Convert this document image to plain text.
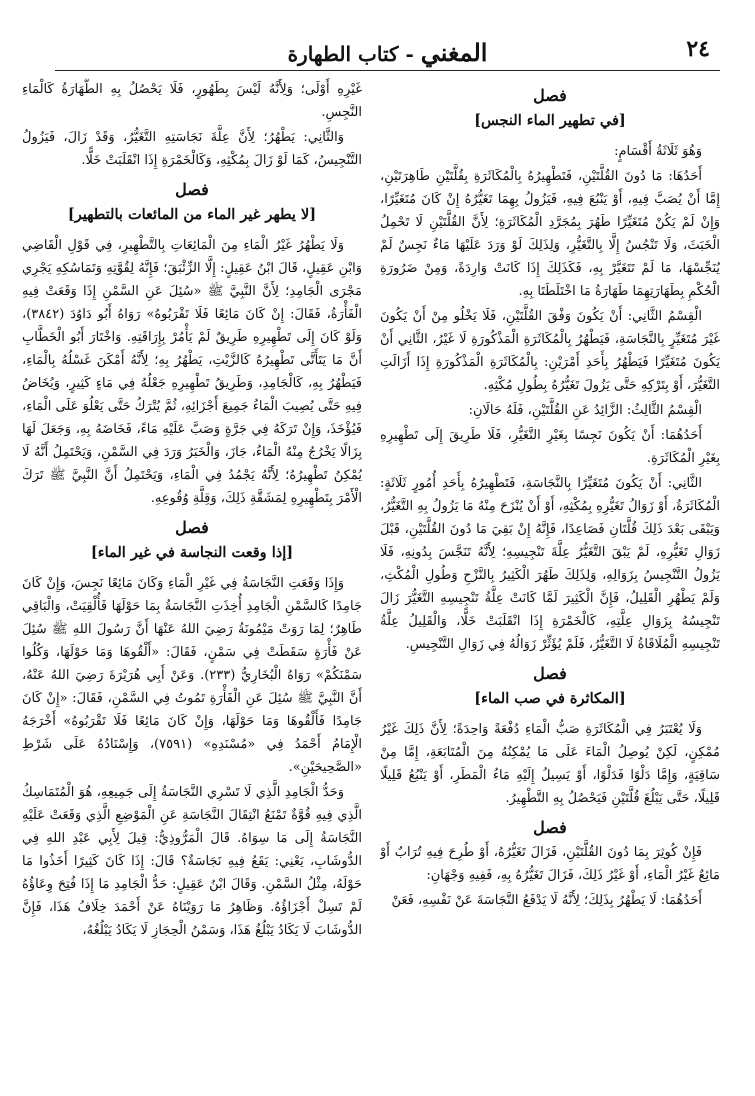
٢٤
المغني - كتاب الطهارة
فصل
[في تطهير الماء النجس]

وَهُوَ ثَلَاثَةُ أَقْسَامٍ:

أَحَدُهَا: مَا دُونَ القُلَّتَيْنِ، فَتَطْهِيرُهُ بِالْمُكَاثَرَةِ بِقُلَّتَيْنِ طَاهِرَتَيْنِ، إِمَّا أَنْ يُصَبَّ فِيهِ، أَوْ يَنْبُعَ فِيهِ، فَيَزُولُ بِهِمَا تَغَيُّرُهُ إِنْ كَانَ مُتَغَيِّرًا، وَإِنْ لَمْ يَكُنْ مُتَغَيِّرًا طَهُرَ بِمُجَرَّدِ الْمُكَاثَرَةِ؛ لِأَنَّ القُلَّتَيْنِ لَا تَحْمِلُ الْخَبَثَ، وَلَا تَنْجُسُ إِلَّا بِالتَّغَيُّرِ، وَلِذَلِكَ لَوْ وَرَدَ عَلَيْهَا مَاءٌ نَجِسٌ لَمْ يُنَجِّسْهَا، مَا لَمْ تَتَغَيَّرْ بِهِ، فَكَذَلِكَ إِذَا كَانَتْ وَارِدَةً، وَمِنْ ضَرُورَةِ الْحُكْمِ بِطَهَارَتِهِمَا طَهَارَةُ مَا اخْتَلَطَتَا بِهِ.

الْقِسْمُ الثَّانِي: أَنْ يَكُونَ وَفْقَ القُلَّتَيْنِ، فَلَا يَخْلُو مِنْ أَنْ يَكُونَ غَيْرَ مُتَغَيِّرٍ بِالنَّجَاسَةِ، فَيَطْهُرُ بِالْمُكَاثَرَةِ الْمَذْكُورَةِ لَا غَيْرُ، الثَّانِي أَنْ يَكُونَ مُتَغَيِّرًا فَيَطْهُرُ بِأَحَدِ أَمْرَيْنِ: بِالْمُكَاثَرَةِ الْمَذْكُورَةِ إِذَا أَزَالَتِ التَّغَيُّرَ، أَوْ بِتَرْكِهِ حَتَّى يَزُولَ تَغَيُّرُهُ بِطُولِ مُكْثِهِ.

الْقِسْمُ الثَّالِثُ: الزَّائِدُ عَنِ القُلَّتَيْنِ، فَلَهُ حَالَانِ:

أَحَدُهُمَا: أَنْ يَكُونَ نَجِسًا بِغَيْرِ التَّغَيُّرِ، فَلَا طَرِيقَ إِلَى تَطْهِيرِهِ بِغَيْرِ الْمُكَاثَرَةِ.

الثَّانِي: أَنْ يَكُونَ مُتَغَيِّرًا بِالنَّجَاسَةِ، فَتَطْهِيرُهُ بِأَحَدِ أُمُورٍ ثَلَاثَةٍ: الْمُكَاثَرَةُ، أَوْ زَوَالُ تَغَيُّرِهِ بِمُكْثِهِ، أَوْ أَنْ يُنْزَحَ مِنْهُ مَا يَزُولُ بِهِ التَّغَيُّرُ، وَيَبْقَى بَعْدَ ذَلِكَ قُلَّتَانِ فَصَاعِدًا، فَإِنَّهُ إِنْ بَقِيَ مَا دُونَ القُلَّتَيْنِ، قَبْلَ زَوَالِ تَغَيُّرِهِ، لَمْ يَبْقَ التَّغَيُّرُ عِلَّةَ تَنْجِيسِهِ؛ لِأَنَّهُ تَنَجَّسَ بِدُونِهِ، فَلَا يَزُولُ التَّنْجِيسُ بِزَوَالِهِ، وَلِذَلِكَ طَهُرَ الْكَثِيرُ بِالنَّزْحِ وَطُولِ الْمُكْثِ، وَلَمْ يَطْهُرِ الْقَلِيلُ، فَإِنَّ الْكَثِيرَ لَمَّا كَانَتْ عِلَّةُ تَنْجِيسِهِ التَّغَيُّرَ زَالَ تَنْجِيسُهُ بِزَوَالِ عِلَّتِهِ، كَالْخَمْرَةِ إِذَا انْقَلَبَتْ خَلًّا، وَالْقَلِيلُ عِلَّةُ تَنْجِيسِهِ الْمُلَاقَاةُ لَا التَّغَيُّرُ، فَلَمْ يُؤَثِّرْ زَوَالُهُ فِي زَوَالِ التَّنْجِيسِ.

فصل
[المكاثرة في صب الماء]

وَلَا يُعْتَبَرُ فِي الْمُكَاثَرَةِ صَبُّ الْمَاءِ دُفْعَةً وَاحِدَةً؛ لِأَنَّ ذَلِكَ غَيْرُ مُمْكِنٍ، لَكِنْ يُوصِلُ الْمَاءَ عَلَى مَا يُمْكِنُهُ مِنَ الْمُتَابَعَةِ، إِمَّا مِنْ سَاقِيَةٍ، وَإِمَّا دَلْوًا فَدَلْوًا، أَوْ يَسِيلُ إِلَيْهِ مَاءُ الْمَطَرِ، أَوْ يَنْبُعُ قَلِيلًا قَلِيلًا، حَتَّى يَبْلُغَ قُلَّتَيْنِ فَيَحْصُلُ بِهِ التَّطْهِيرُ.

فصل

فَإِنْ كُوثِرَ بِمَا دُونَ القُلَّتَيْنِ، فَزَالَ تَغَيُّرُهُ، أَوْ طُرِحَ فِيهِ تُرَابٌ أَوْ مَائِعٌ غَيْرُ الْمَاءِ، أَوْ غَيْرُ ذَلِكَ، فَزَالَ تَغَيُّرُهُ بِهِ، فَفِيهِ وَجْهَانِ:

أَحَدُهُمَا: لَا يَطْهُرُ بِذَلِكَ؛ لِأَنَّهُ لَا يَدْفَعُ النَّجَاسَةَ عَنْ نَفْسِهِ، فَعَنْ

غَيْرِهِ أَوْلَى؛ وَلِأَنَّهُ لَيْسَ بِطَهُورٍ، فَلَا يَحْصُلُ بِهِ الطَّهَارَةُ كَالْمَاءِ النَّجِسِ.

وَالثَّانِي: يَطْهُرُ؛ لِأَنَّ عِلَّةَ نَجَاسَتِهِ التَّغَيُّرُ، وَقَدْ زَالَ، فَيَزُولُ التَّنْجِيسُ، كَمَا لَوْ زَالَ بِمُكْثِهِ، وَكَالْخَمْرَةِ إِذَا انْقَلَبَتْ خَلًّا.

فصل
[لا يطهر غير الماء من المائعات بالتطهير]

وَلَا يَطْهُرُ غَيْرُ الْمَاءِ مِنَ الْمَائِعَاتِ بِالتَّطْهِيرِ، فِي قَوْلِ الْقَاضِي وَابْنِ عَقِيلٍ، قَالَ ابْنُ عَقِيلٍ: إِلَّا الزِّئْبَقَ؛ فَإِنَّهُ لِقُوَّتِهِ وَتَمَاسُكِهِ يَجْرِي مَجْرَى الْجَامِدِ؛ لِأَنَّ النَّبِيَّ ﷺ «سُئِلَ عَنِ السَّمْنِ إِذَا وَقَعَتْ فِيهِ الْفَأْرَةُ، فَقَالَ: إِنْ كَانَ مَائِعًا فَلَا تَقْرَبُوهُ» رَوَاهُ أَبُو دَاوُدَ (٣٨٤٢)، وَلَوْ كَانَ إِلَى تَطْهِيرِهِ طَرِيقٌ لَمْ يَأْمُرْ بِإِرَاقَتِهِ. وَاخْتَارَ أَبُو الْخَطَّابِ أَنَّ مَا يَتَأَتَّى تَطْهِيرُهُ كَالزَّيْتِ، يَطْهُرُ بِهِ؛ لِأَنَّهُ أَمْكَنَ غَسْلُهُ بِالْمَاءِ، فَيَطْهُرُ بِهِ، كَالْجَامِدِ، وَطَرِيقُ تَطْهِيرِهِ جَعْلُهُ فِي مَاءٍ كَثِيرٍ، وَيُخَاضُ فِيهِ حَتَّى يُصِيبَ الْمَاءُ جَمِيعَ أَجْزَائِهِ، ثُمَّ يُتْرَكُ حَتَّى يَعْلُوَ عَلَى الْمَاءِ، فَيُؤْخَذَ، وَإِنْ تَرَكَهُ فِي جَرَّةٍ وَصَبَّ عَلَيْهِ مَاءً، فَخَاضَهُ بِهِ، وَجَعَلَ لَهَا بِزَالًا يَخْرُجُ مِنْهُ الْمَاءُ، جَازَ، وَالْخَبَرُ وَرَدَ فِي السَّمْنِ، وَيَحْتَمِلُ أَنَّهُ لَا يُمْكِنُ تَطْهِيرُهُ؛ لِأَنَّهُ يَجْمُدُ فِي الْمَاءِ، وَيَحْتَمِلُ أَنَّ النَّبِيَّ ﷺ تَرَكَ الْأَمْرَ بِتَطْهِيرِهِ لِمَشَقَّةِ ذَلِكَ، وَقِلَّةِ وُقُوعِهِ.

فصل
[إذا وقعت النجاسة في غير الماء]

وَإِذَا وَقَعَتِ النَّجَاسَةُ فِي غَيْرِ الْمَاءِ وَكَانَ مَائِعًا نَجِسَ، وَإِنْ كَانَ جَامِدًا كَالسَّمْنِ الْجَامِدِ أُخِذَتِ النَّجَاسَةُ بِمَا حَوْلَهَا فَأُلْقِيَتْ، وَالْبَاقِي طَاهِرٌ؛ لِمَا رَوَتْ مَيْمُونَةُ رَضِيَ اللهُ عَنْهَا أَنَّ رَسُولَ اللهِ ﷺ سُئِلَ عَنْ فَأْرَةٍ سَقَطَتْ فِي سَمْنٍ، فَقَالَ: «أَلْقُوهَا وَمَا حَوْلَهَا، وَكُلُوا سَمْنَكُمْ» رَوَاهُ الْبُخَارِيُّ (٢٣٣). وَعَنْ أَبِي هُرَيْرَةَ رَضِيَ اللهُ عَنْهُ، أَنَّ النَّبِيَّ ﷺ سُئِلَ عَنِ الْفَأْرَةِ تَمُوتُ فِي السَّمْنِ، فَقَالَ: «إِنْ كَانَ جَامِدًا فَأَلْقُوهَا وَمَا حَوْلَهَا، وَإِنْ كَانَ مَائِعًا فَلَا تَقْرَبُوهُ» أَخْرَجَهُ الْإِمَامُ أَحْمَدُ فِي «مُسْنَدِهِ» (٧٥٩١)، وَإِسْنَادُهُ عَلَى شَرْطِ «الصَّحِيحَيْنِ».

وَحَدُّ الْجَامِدِ الَّذِي لَا تَسْرِي النَّجَاسَةُ إِلَى جَمِيعِهِ، هُوَ الْمُتَمَاسِكُ الَّذِي فِيهِ قُوَّةٌ تَمْنَعُ انْتِقَالَ النَّجَاسَةِ عَنِ الْمَوْضِعِ الَّذِي وَقَعَتْ عَلَيْهِ النَّجَاسَةُ إِلَى مَا سِوَاهُ. قَالَ الْمَرُّوذِيُّ: قِيلَ لِأَبِي عَبْدِ اللهِ فِي الدُّوشَابِ، يَعْنِي: يَقَعُ فِيهِ نَجَاسَةٌ؟ قَالَ: إِذَا كَانَ كَثِيرًا أَخَذُوا مَا حَوْلَهُ، مِثْلُ السَّمْنِ. وَقَالَ ابْنُ عَقِيلٍ: حَدُّ الْجَامِدِ مَا إِذَا فُتِحَ وِعَاؤُهُ لَمْ تَسِلْ أَجْزَاؤُهُ. وَظَاهِرُ مَا رَوَيْنَاهُ عَنْ أَحْمَدَ خِلَافُ هَذَا، فَإِنَّ الدُّوشَابَ لَا يَكَادُ يَبْلُغُ هَذَا، وَسَمْنُ الْحِجَازِ لَا يَكَادُ يَبْلُغُهُ،
